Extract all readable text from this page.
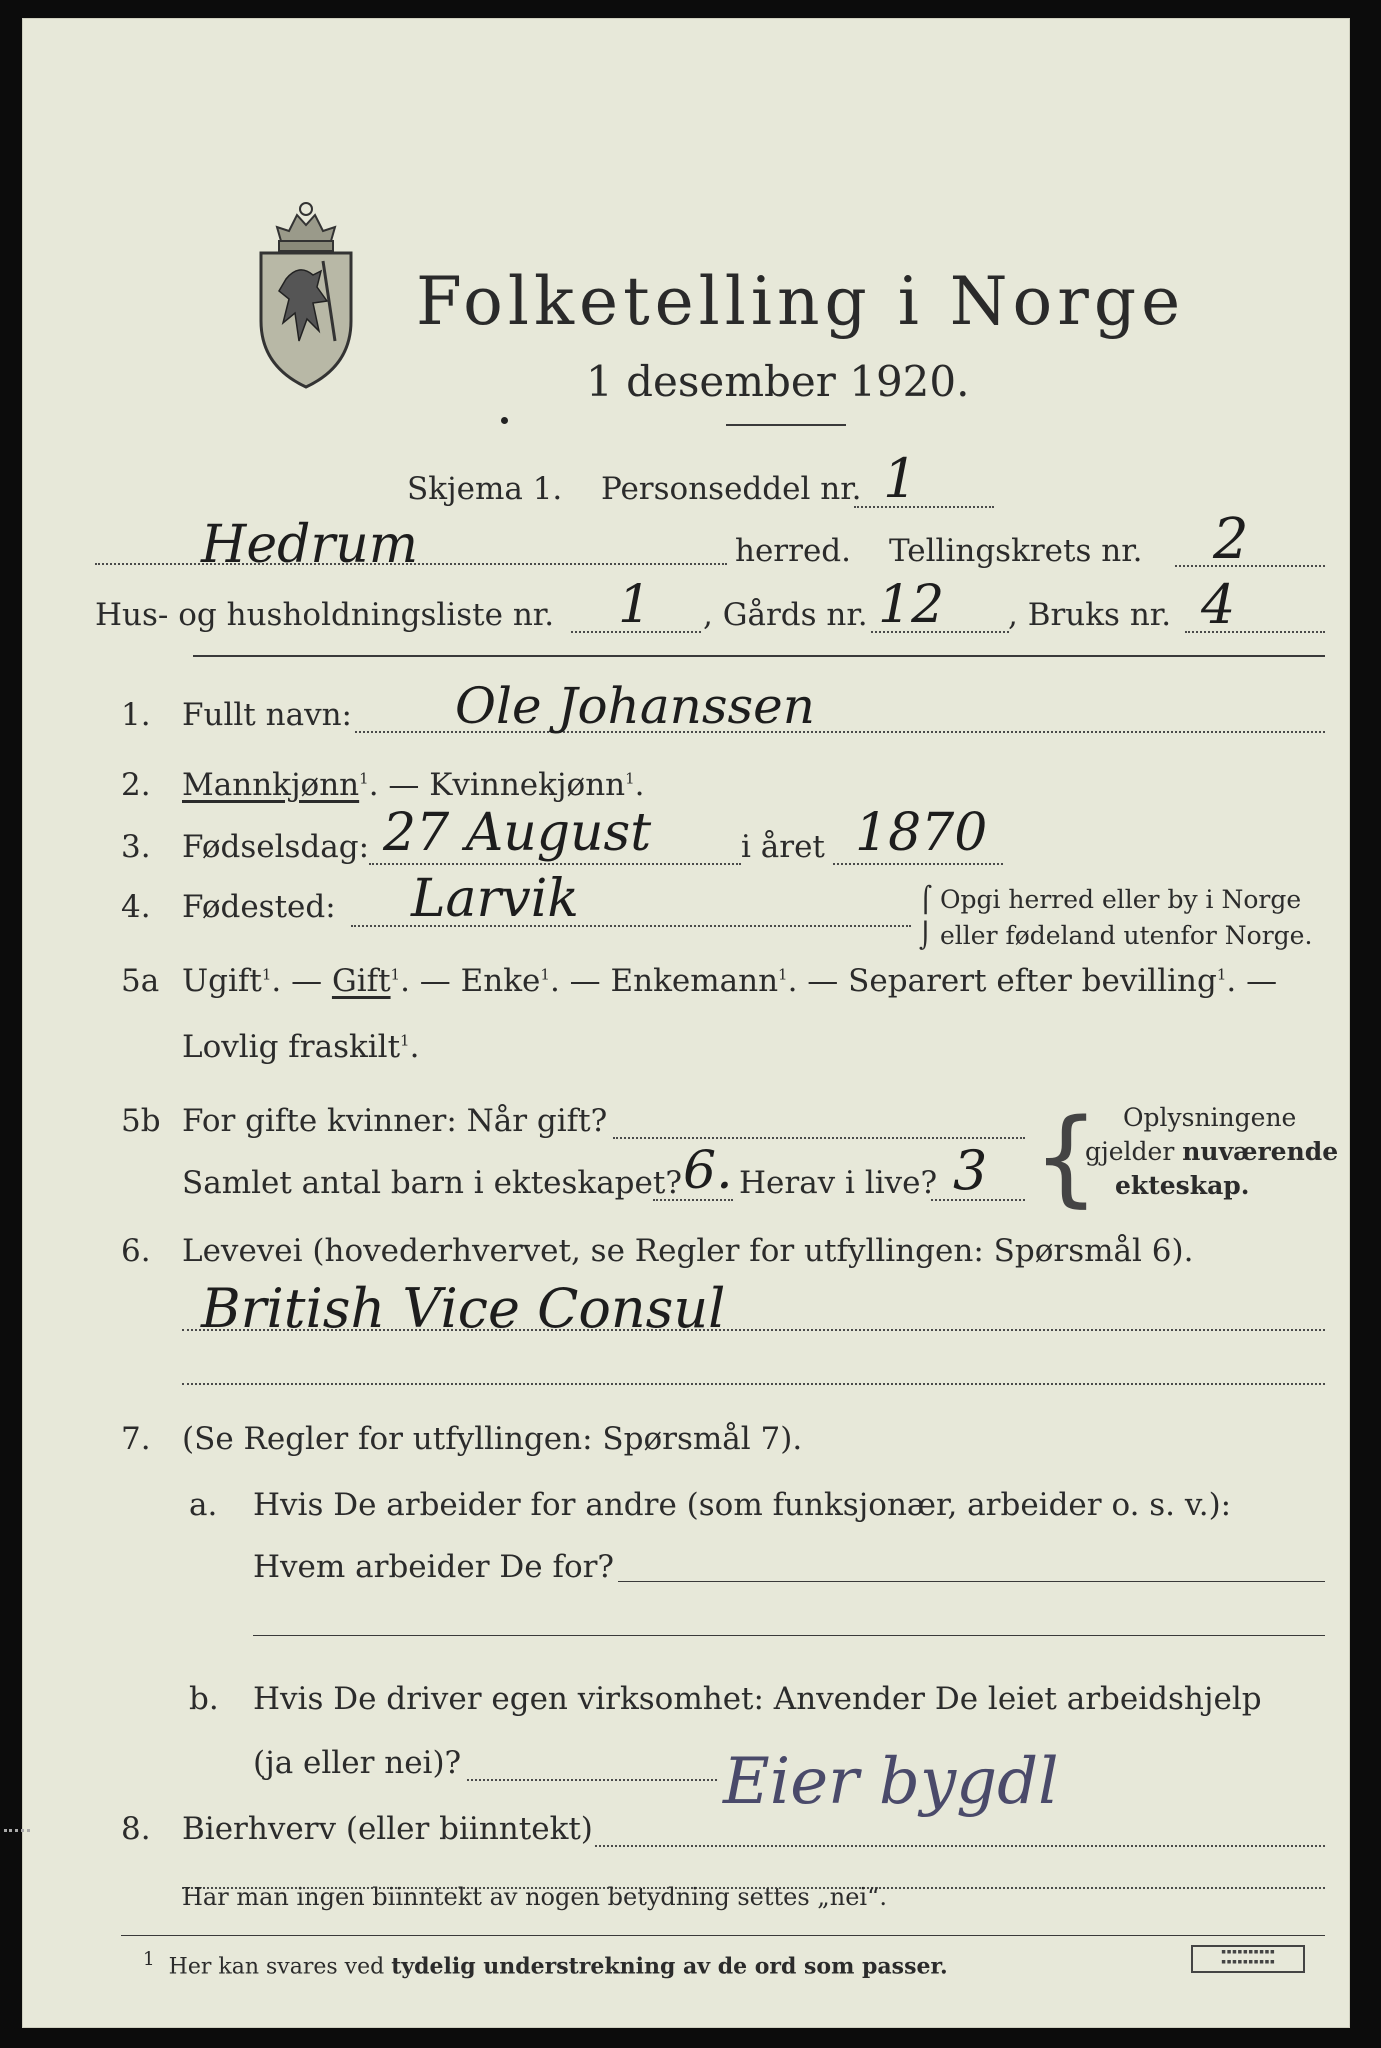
Folketelling i Norge
1 desember 1920.
Skjema 1. Personseddel nr. 1
Hedrum	herred. Tellingskrets nr. 2
Hus- og husholdningsliste nr. 1 , Gårds nr. 12 , Bruks nr. 4
1. Fullt navn: Ole Johanssen
2. Mannkjønn$^1$. — Kvinnekjønn$^1$.
3. Fødselsdag: 27 August	i året 1870
4. Fødested: Larvik	⌠ Opgi herred eller by i Norge
⌡ eller fødeland utenfor Norge.
5a Ugift$^1$. — Gift$^1$. — Enke$^1$. — Enkemann$^1$. — Separert efter bevilling$^1$. —
Lovlig fraskilt$^1$.
5b For gifte kvinner: Når gift?
Samlet antal barn i ekteskapet? 6. Herav i live? 3 { Oplysningene
gjelder nuværende
ekteskap.
6. Levevei (hovederhvervet, se Regler for utfyllingen: Spørsmål 6).
British Vice Consul
7. (Se Regler for utfyllingen: Spørsmål 7).
a. Hvis De arbeider for andre (som funksjonær, arbeider o. s. v.):
Hvem arbeider De for?
b. Hvis De driver egen virksomhet: Anvender De leiet arbeidshjelp
(ja eller nei)?
8. Bierhverv (eller biinntekt)
Eier bygdl
Har man ingen biinntekt av nogen betydning settes „nei“.
$^1$ Her kan svares ved tydelig understrekning av de ord som passer.
▪▪▪▪▪▪▪▪▪▪
▪▪▪▪▪▪▪▪▪▪
